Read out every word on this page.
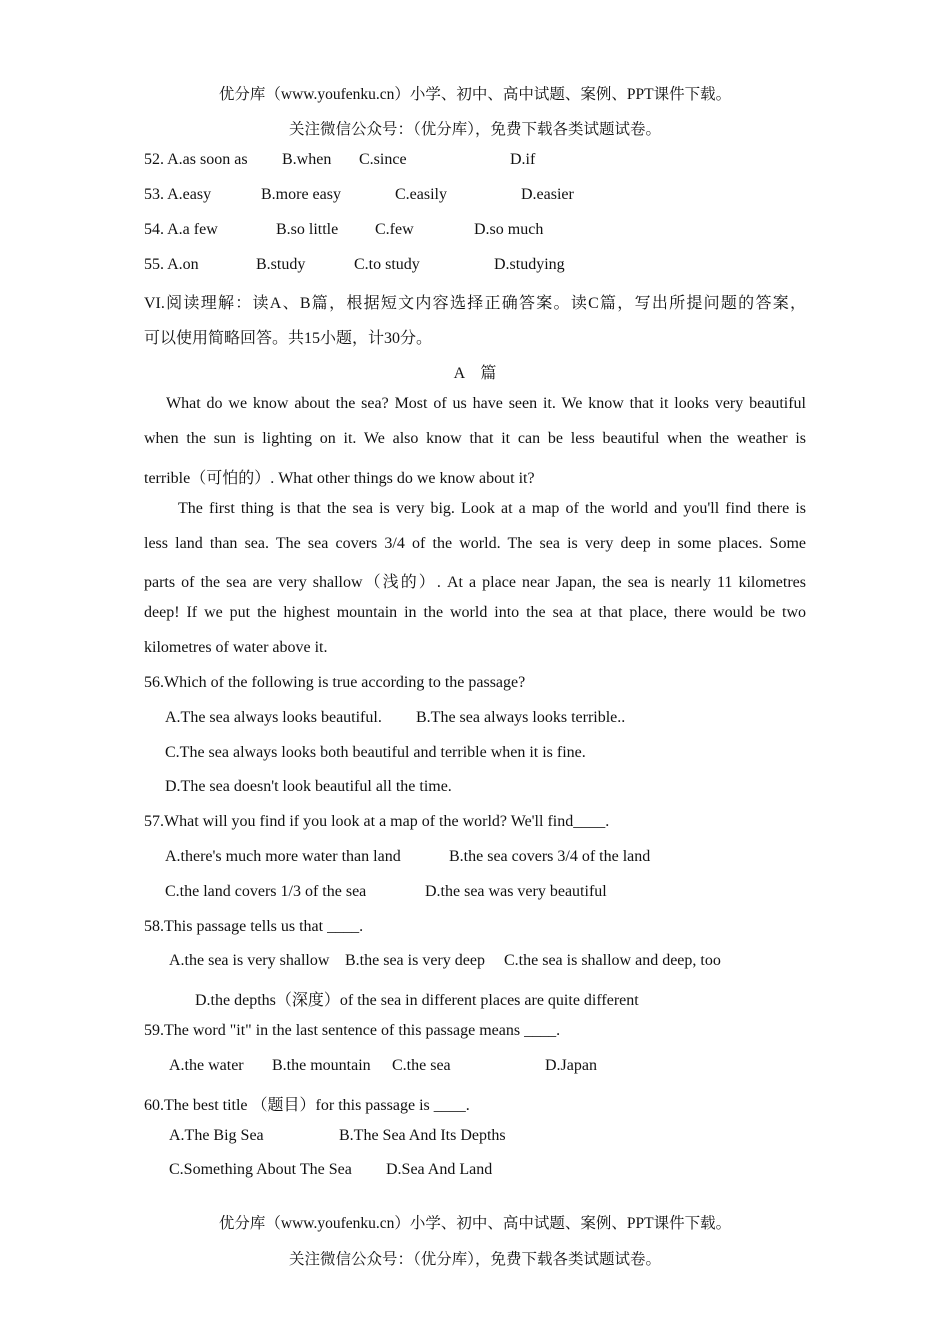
优分库（www.youfenku.cn）小学、初中、高中试题、案例、PPT课件下载。
关注微信公众号：（优分库），免费下载各类试题试卷。
52. A.as soon as B.when C.since	D.if
53. A.easy	B.more easy	C.easily	D.easier
54. A.a few	B.so little C.few	D.so much
55. A.on	B.study	C.to study	D.studying
VI.阅读理解：读A、B篇，根据短文内容选择正确答案。读C篇，写出所提问题的答案，
可以使用简略回答。共15小题，计30分。
A　篇
What do we know about the sea? Most of us have seen it. We know that it looks very beautiful
when the sun is lighting on it. We also know that it can be less beautiful when the weather is
terrible（可怕的）. What other things do we know about it?
The first thing is that the sea is very big. Look at a map of the world and you'll find there is
less land than sea. The sea covers 3/4 of the world. The sea is very deep in some places. Some
parts of the sea are very shallow（浅的）. At a place near Japan, the sea is nearly 11 kilometres
deep! If we put the highest mountain in the world into the sea at that place, there would be two
kilometres of water above it.
56.Which of the following is true according to the passage?
A.The sea always looks beautiful. B.The sea always looks terrible..
C.The sea always looks both beautiful and terrible when it is fine.
D.The sea doesn't look beautiful all the time.
57.What will you find if you look at a map of the world? We'll find____.
A.there's much more water than land	B.the sea covers 3/4 of the land
C.the land covers 1/3 of the sea	D.the sea was very beautiful
58.This passage tells us that ____.
A.the sea is very shallow B.the sea is very deep C.the sea is shallow and deep, too
D.the depths（深度）of the sea in different places are quite different
59.The word "it" in the last sentence of this passage means ____.
A.the water B.the mountain C.the sea	D.Japan
60.The best title （题目）for this passage is ____.
A.The Big Sea	B.The Sea And Its Depths
C.Something About The Sea D.Sea And Land
优分库（www.youfenku.cn）小学、初中、高中试题、案例、PPT课件下载。
关注微信公众号：（优分库），免费下载各类试题试卷。
